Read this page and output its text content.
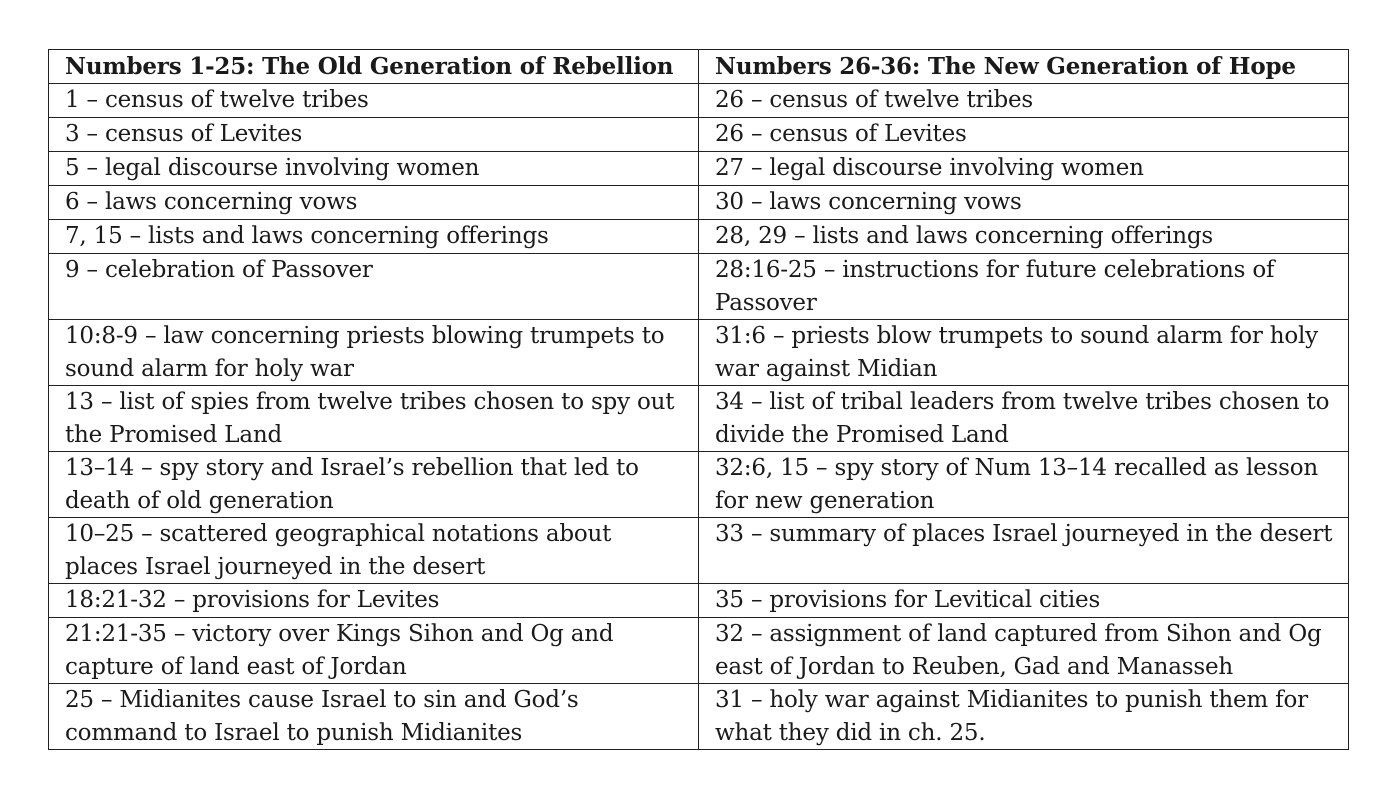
Numbers 1-25: The Old Generation of Rebellion	Numbers 26-36: The New Generation of Hope
1 – census of twelve tribes	26 – census of twelve tribes
3 – census of Levites	26 – census of Levites
5 – legal discourse involving women	27 – legal discourse involving women
6 – laws concerning vows	30 – laws concerning vows
7, 15 – lists and laws concerning offerings	28, 29 – lists and laws concerning offerings
9 – celebration of Passover	28:16-25 – instructions for future celebrations of Passover
10:8-9 – law concerning priests blowing trumpets to sound alarm for holy war	31:6 – priests blow trumpets to sound alarm for holy war against Midian
13 – list of spies from twelve tribes chosen to spy out the Promised Land	34 – list of tribal leaders from twelve tribes chosen to divide the Promised Land
13–14 – spy story and Israel’s rebellion that led to death of old generation	32:6, 15 – spy story of Num 13–14 recalled as lesson for new generation
10–25 – scattered geographical notations about places Israel journeyed in the desert	33 – summary of places Israel journeyed in the desert
18:21-32 – provisions for Levites	35 – provisions for Levitical cities
21:21-35 – victory over Kings Sihon and Og and capture of land east of Jordan	32 – assignment of land captured from Sihon and Og east of Jordan to Reuben, Gad and Manasseh
25 – Midianites cause Israel to sin and God’s command to Israel to punish Midianites	31 – holy war against Midianites to punish them for what they did in ch. 25.
